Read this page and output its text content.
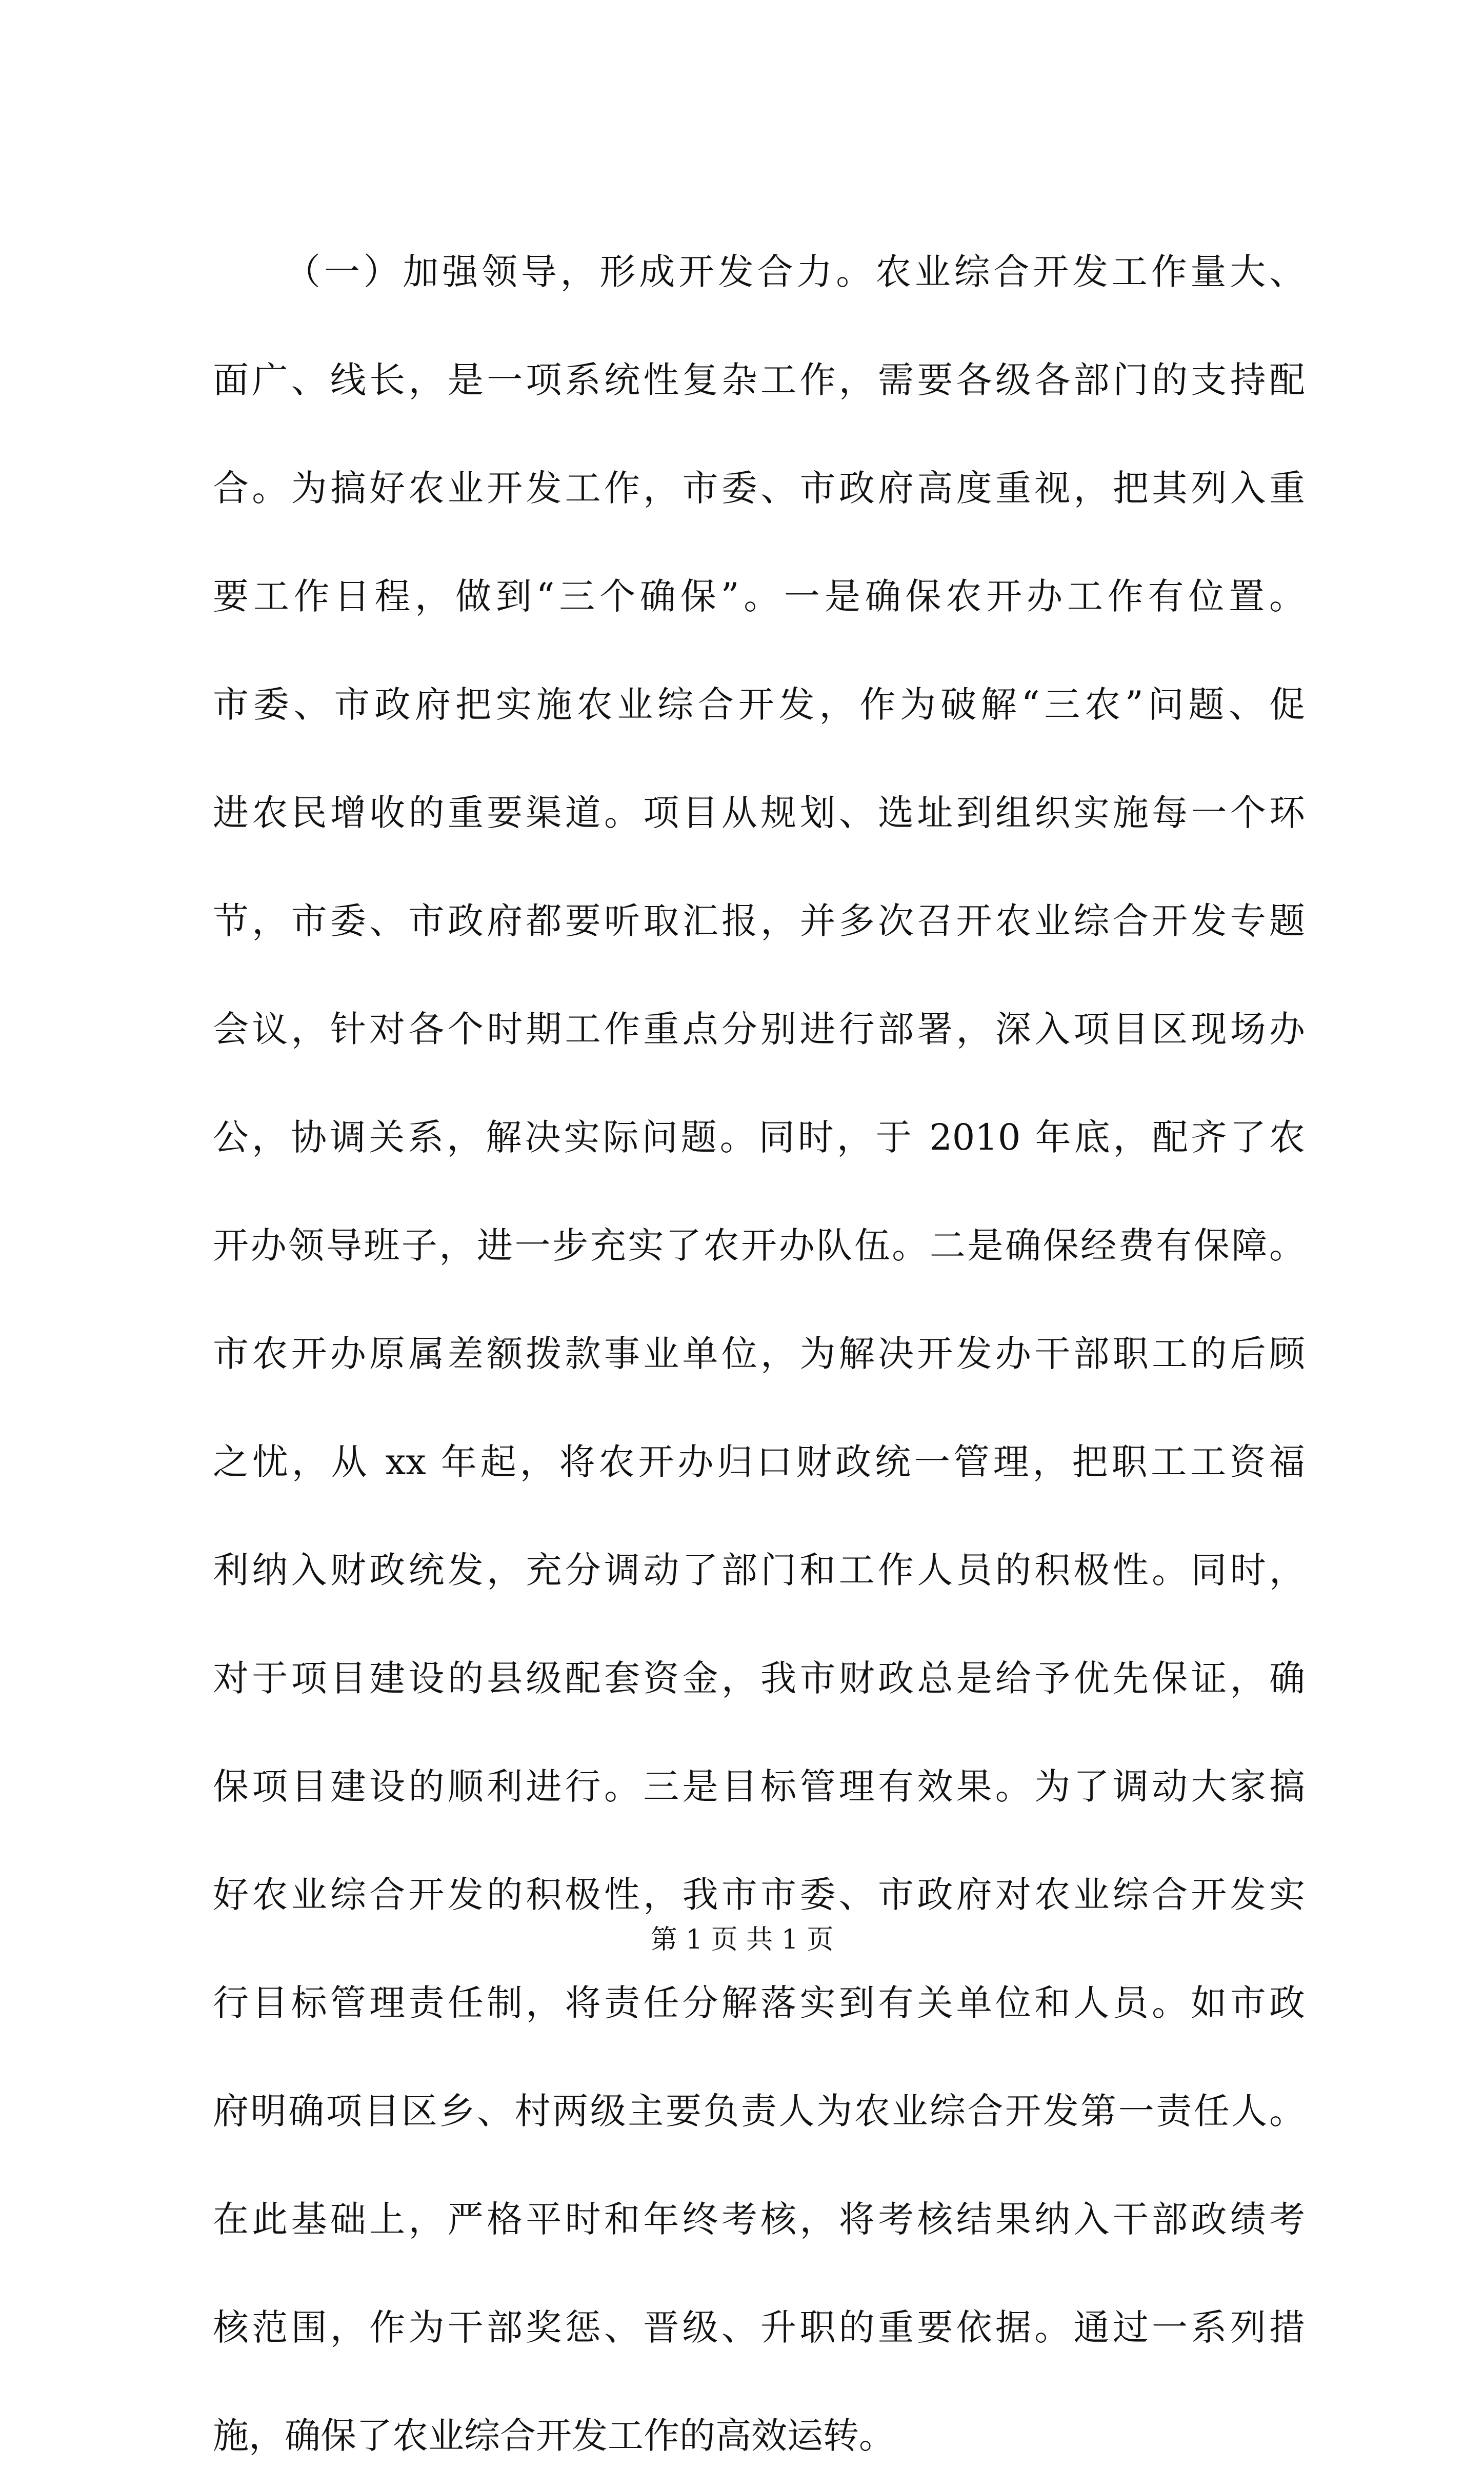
（一）加强领导，形成开发合力。农业综合开发工作量大、
面广、线长，是一项系统性复杂工作，需要各级各部门的支持配
合。为搞好农业开发工作，市委、市政府高度重视，把其列入重
要工作日程，做到“三个确保”。一是确保农开办工作有位置。
市委、市政府把实施农业综合开发，作为破解“三农”问题、促
进农民增收的重要渠道。项目从规划、选址到组织实施每一个环
节，市委、市政府都要听取汇报，并多次召开农业综合开发专题
会议，针对各个时期工作重点分别进行部署，深入项目区现场办
公，协调关系，解决实际问题。同时，于 2010 年底，配齐了农
开办领导班子，进一步充实了农开办队伍。二是确保经费有保障。
市农开办原属差额拨款事业单位，为解决开发办干部职工的后顾
之忧，从 xx 年起，将农开办归口财政统一管理，把职工工资福
利纳入财政统发，充分调动了部门和工作人员的积极性。同时，
对于项目建设的县级配套资金，我市财政总是给予优先保证，确
保项目建设的顺利进行。三是目标管理有效果。为了调动大家搞
好农业综合开发的积极性，我市市委、市政府对农业综合开发实
行目标管理责任制，将责任分解落实到有关单位和人员。如市政
府明确项目区乡、村两级主要负责人为农业综合开发第一责任人。
在此基础上，严格平时和年终考核，将考核结果纳入干部政绩考
核范围，作为干部奖惩、晋级、升职的重要依据。通过一系列措
施，确保了农业综合开发工作的高效运转。
第 1 页 共 1 页
